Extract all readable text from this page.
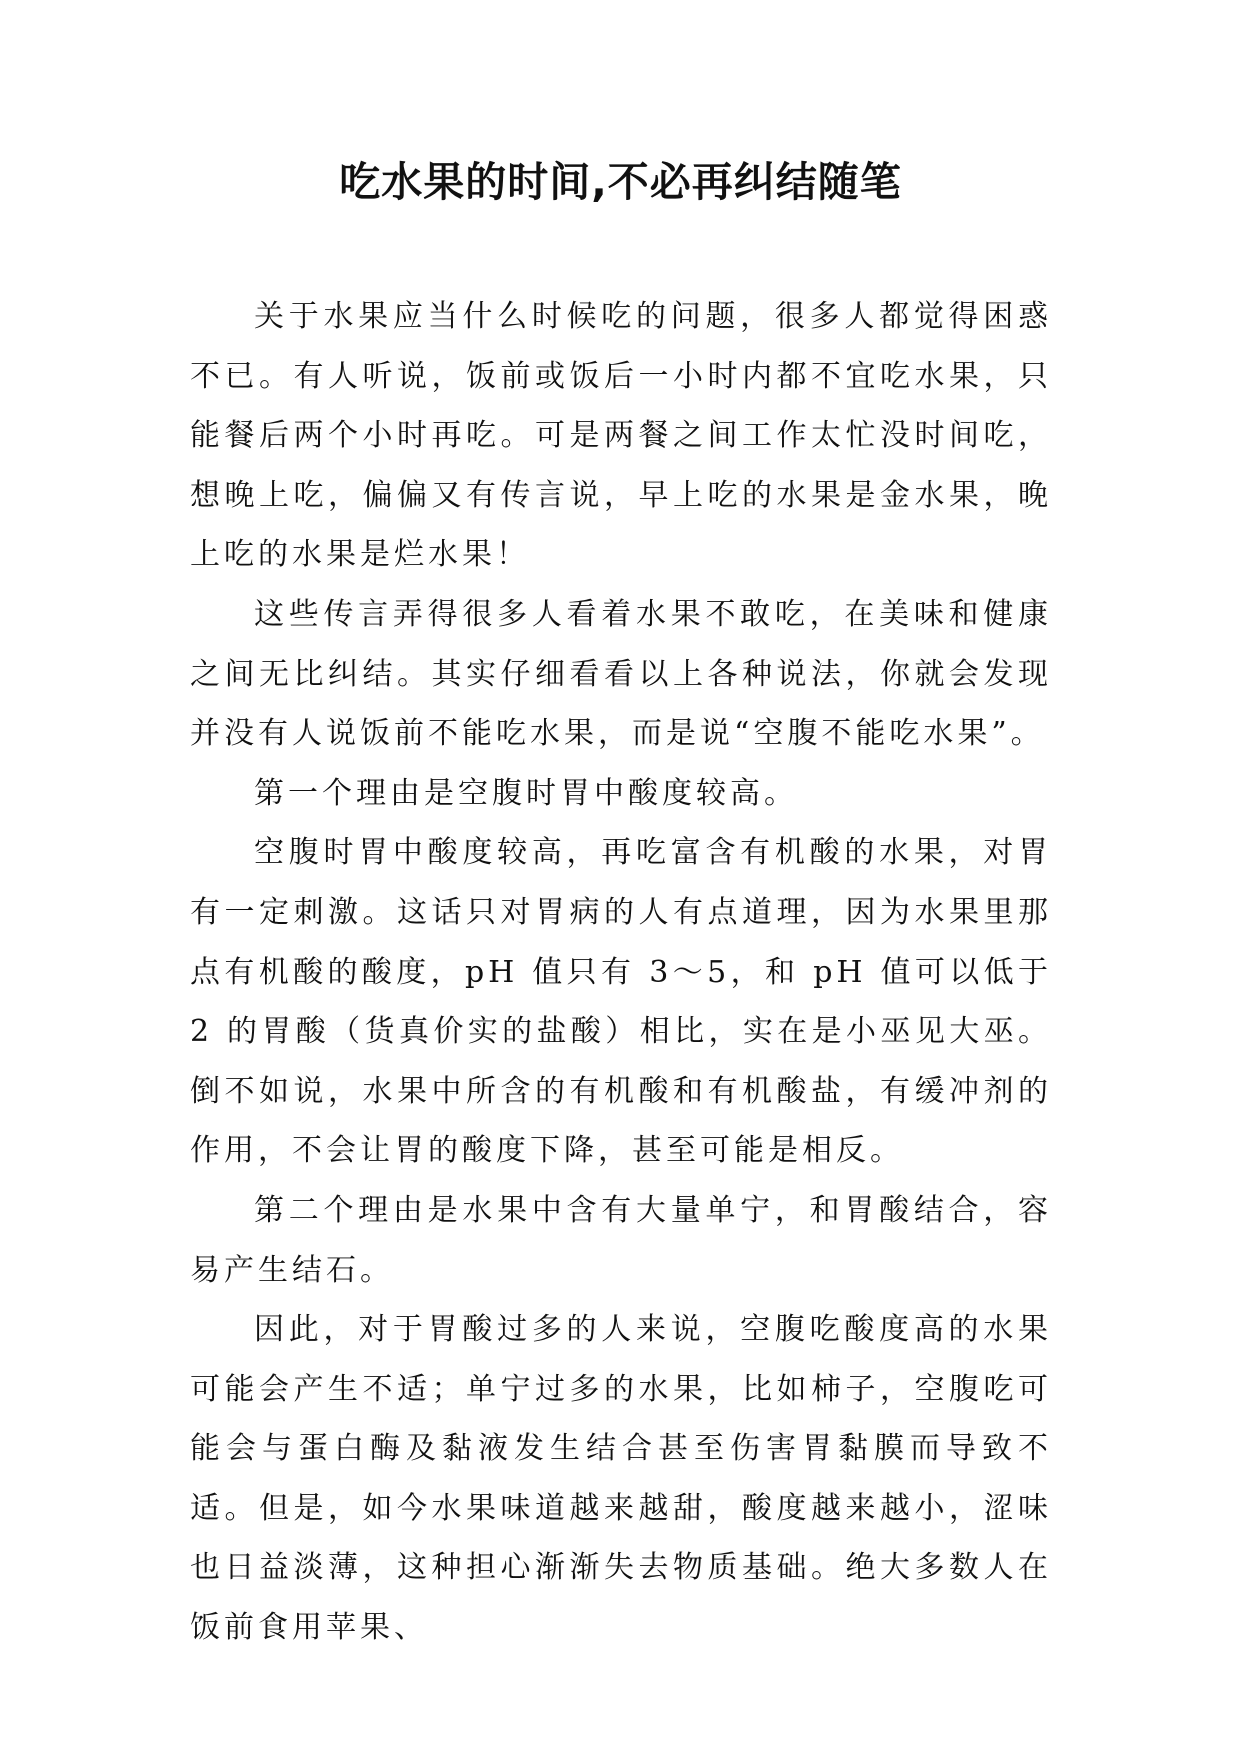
吃水果的时间,不必再纠结随笔

关于水果应当什么时候吃的问题，很多人都觉得困惑不已。有人听说，饭前或饭后一小时内都不宜吃水果，只能餐后两个小时再吃。可是两餐之间工作太忙没时间吃，想晚上吃，偏偏又有传言说，早上吃的水果是金水果，晚上吃的水果是烂水果！

这些传言弄得很多人看着水果不敢吃，在美味和健康之间无比纠结。其实仔细看看以上各种说法，你就会发现并没有人说饭前不能吃水果，而是说“空腹不能吃水果”。

第一个理由是空腹时胃中酸度较高。

空腹时胃中酸度较高，再吃富含有机酸的水果，对胃有一定刺激。这话只对胃病的人有点道理，因为水果里那点有机酸的酸度，pH 值只有 3～5，和 pH 值可以低于 2 的胃酸（货真价实的盐酸）相比，实在是小巫见大巫。倒不如说，水果中所含的有机酸和有机酸盐，有缓冲剂的作用，不会让胃的酸度下降，甚至可能是相反。

第二个理由是水果中含有大量单宁，和胃酸结合，容易产生结石。

因此，对于胃酸过多的人来说，空腹吃酸度高的水果可能会产生不适；单宁过多的水果，比如柿子，空腹吃可能会与蛋白酶及黏液发生结合甚至伤害胃黏膜而导致不适。但是，如今水果味道越来越甜，酸度越来越小，涩味也日益淡薄，这种担心渐渐失去物质基础。绝大多数人在饭前食用苹果、
